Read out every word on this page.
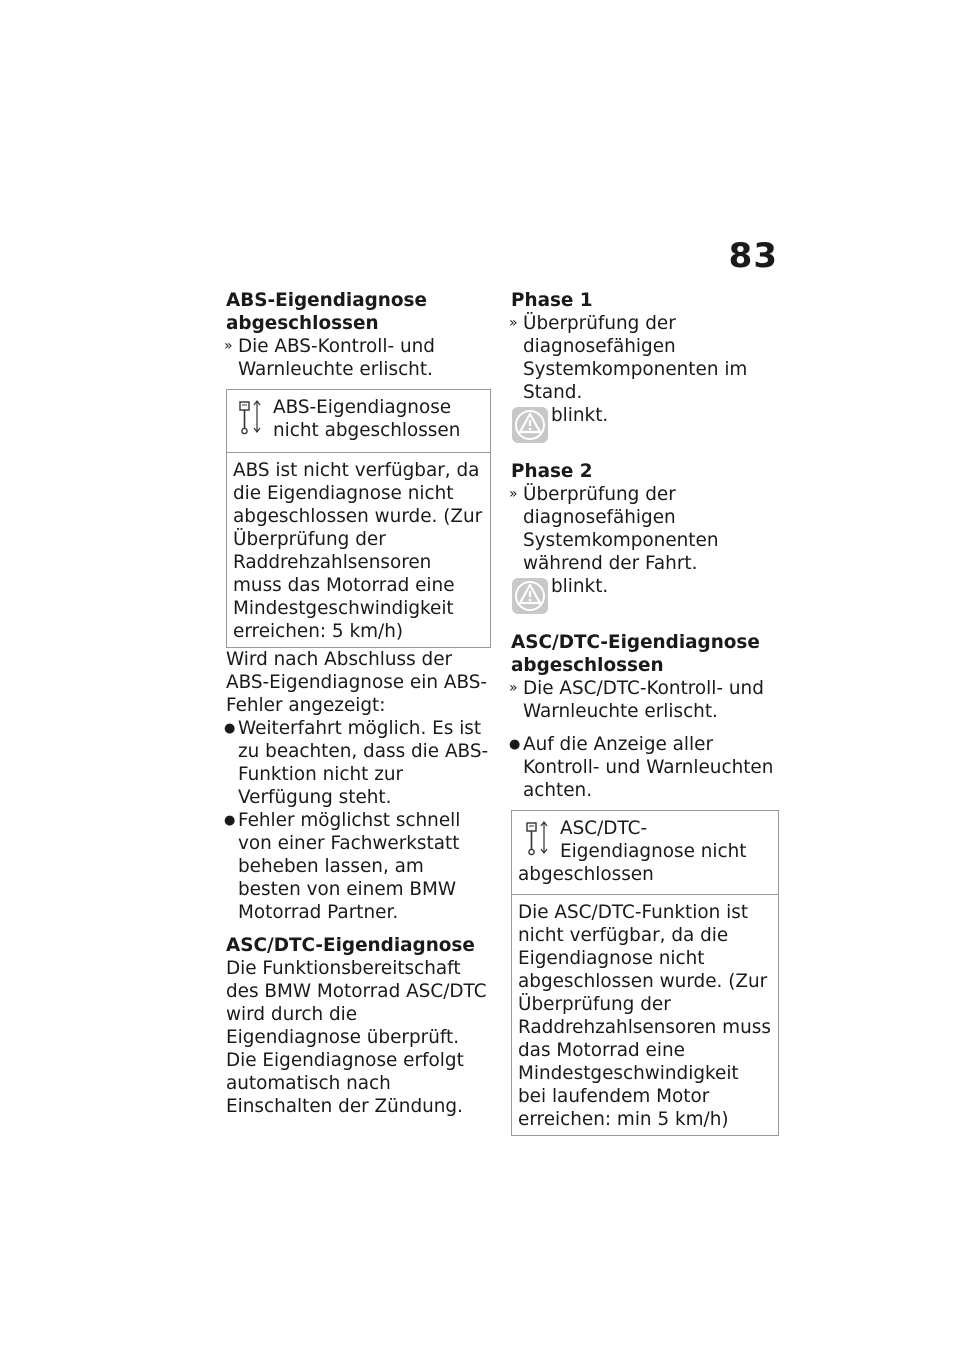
83

ABS-Eigendiagnose abgeschlossen

» Die ABS-Kontroll- und Warnleuchte erlischt.
ABS-Eigendiagnose nicht abgeschlossen
ABS ist nicht verfügbar, da die Eigendiagnose nicht abgeschlossen wurde. (Zur Überprüfung der Raddrehzahlsensoren muss das Motorrad eine Mindestgeschwindigkeit erreichen: 5 km/h)

Wird nach Abschluss der ABS-Eigendiagnose ein ABS-Fehler angezeigt:

● Weiterfahrt möglich. Es ist zu beachten, dass die ABS-Funktion nicht zur Verfügung steht.
● Fehler möglichst schnell von einer Fachwerkstatt beheben lassen, am besten von einem BMW Motorrad Partner.

ASC/DTC-Eigendiagnose

Die Funktionsbereitschaft des BMW Motorrad ASC/DTC wird durch die Eigendiagnose überprüft. Die Eigendiagnose erfolgt automatisch nach Einschalten der Zündung.

Phase 1

» Überprüfung der diagnosefähigen Systemkomponenten im Stand.
blinkt.

Phase 2

» Überprüfung der diagnosefähigen Systemkomponenten während der Fahrt.
blinkt.

ASC/DTC-Eigendiagnose abgeschlossen

» Die ASC/DTC-Kontroll- und Warnleuchte erlischt.
● Auf die Anzeige aller Kontroll- und Warnleuchten achten.
ASC/DTC-Eigendiagnose nicht abgeschlossen
Die ASC/DTC-Funktion ist nicht verfügbar, da die Eigendiagnose nicht abgeschlossen wurde. (Zur Überprüfung der Raddrehzahlsensoren muss das Motorrad eine Mindestgeschwindigkeit bei laufendem Motor erreichen: min 5 km/h)
